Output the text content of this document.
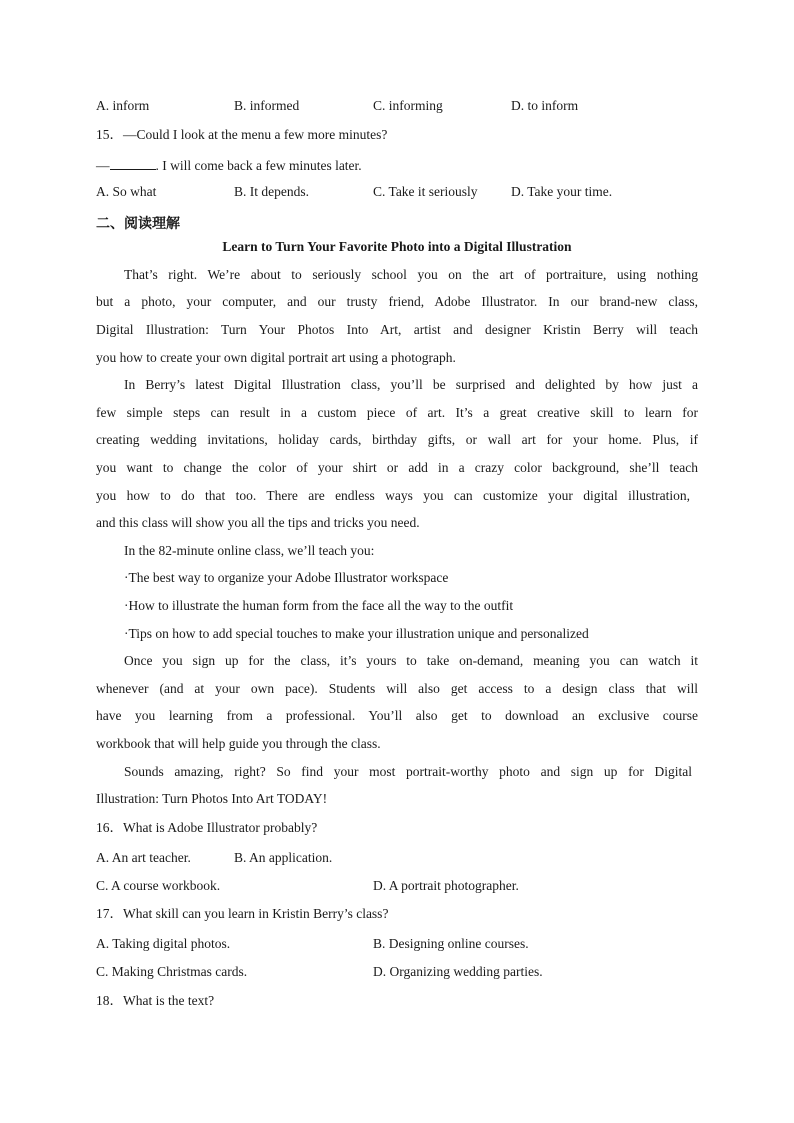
A. inform	B. informed	C. informing	D. to inform
15．—Could I look at the menu a few more minutes?
—	. I will come back a few minutes later.
A. So what	B. It depends.	C. Take it seriously D. Take your time.
二、阅读理解
Learn to Turn Your Favorite Photo into a Digital Illustration
That’s right. We’re about to seriously school you on the art of portraiture, using nothing
but a photo, your computer, and our trusty friend, Adobe Illustrator. In our brand-new class,
Digital Illustration: Turn Your Photos Into Art, artist and designer Kristin Berry will teach
you how to create your own digital portrait art using a photograph.
In Berry’s latest Digital Illustration class, you’ll be surprised and delighted by how just a
few simple steps can result in a custom piece of art. It’s a great creative skill to learn for
creating wedding invitations, holiday cards, birthday gifts, or wall art for your home. Plus, if
you want to change the color of your shirt or add in a crazy color background, she’ll teach
you how to do that too. There are endless ways you can customize your digital illustration,
and this class will show you all the tips and tricks you need.
In the 82-minute online class, we’ll teach you:
·The best way to organize your Adobe Illustrator workspace
·How to illustrate the human form from the face all the way to the outfit
·Tips on how to add special touches to make your illustration unique and personalized
Once you sign up for the class, it’s yours to take on-demand, meaning you can watch it
whenever (and at your own pace). Students will also get access to a design class that will
have you learning from a professional. You’ll also get to download an exclusive course
workbook that will help guide you through the class.
Sounds amazing, right? So find your most portrait-worthy photo and sign up for Digital
Illustration: Turn Photos Into Art TODAY!
16．What is Adobe Illustrator probably?
A. An art teacher.	B. An application.
C. A course workbook.	D. A portrait photographer.
17．What skill can you learn in Kristin Berry’s class?
A. Taking digital photos.	B. Designing online courses.
C. Making Christmas cards.	D. Organizing wedding parties.
18．What is the text?
